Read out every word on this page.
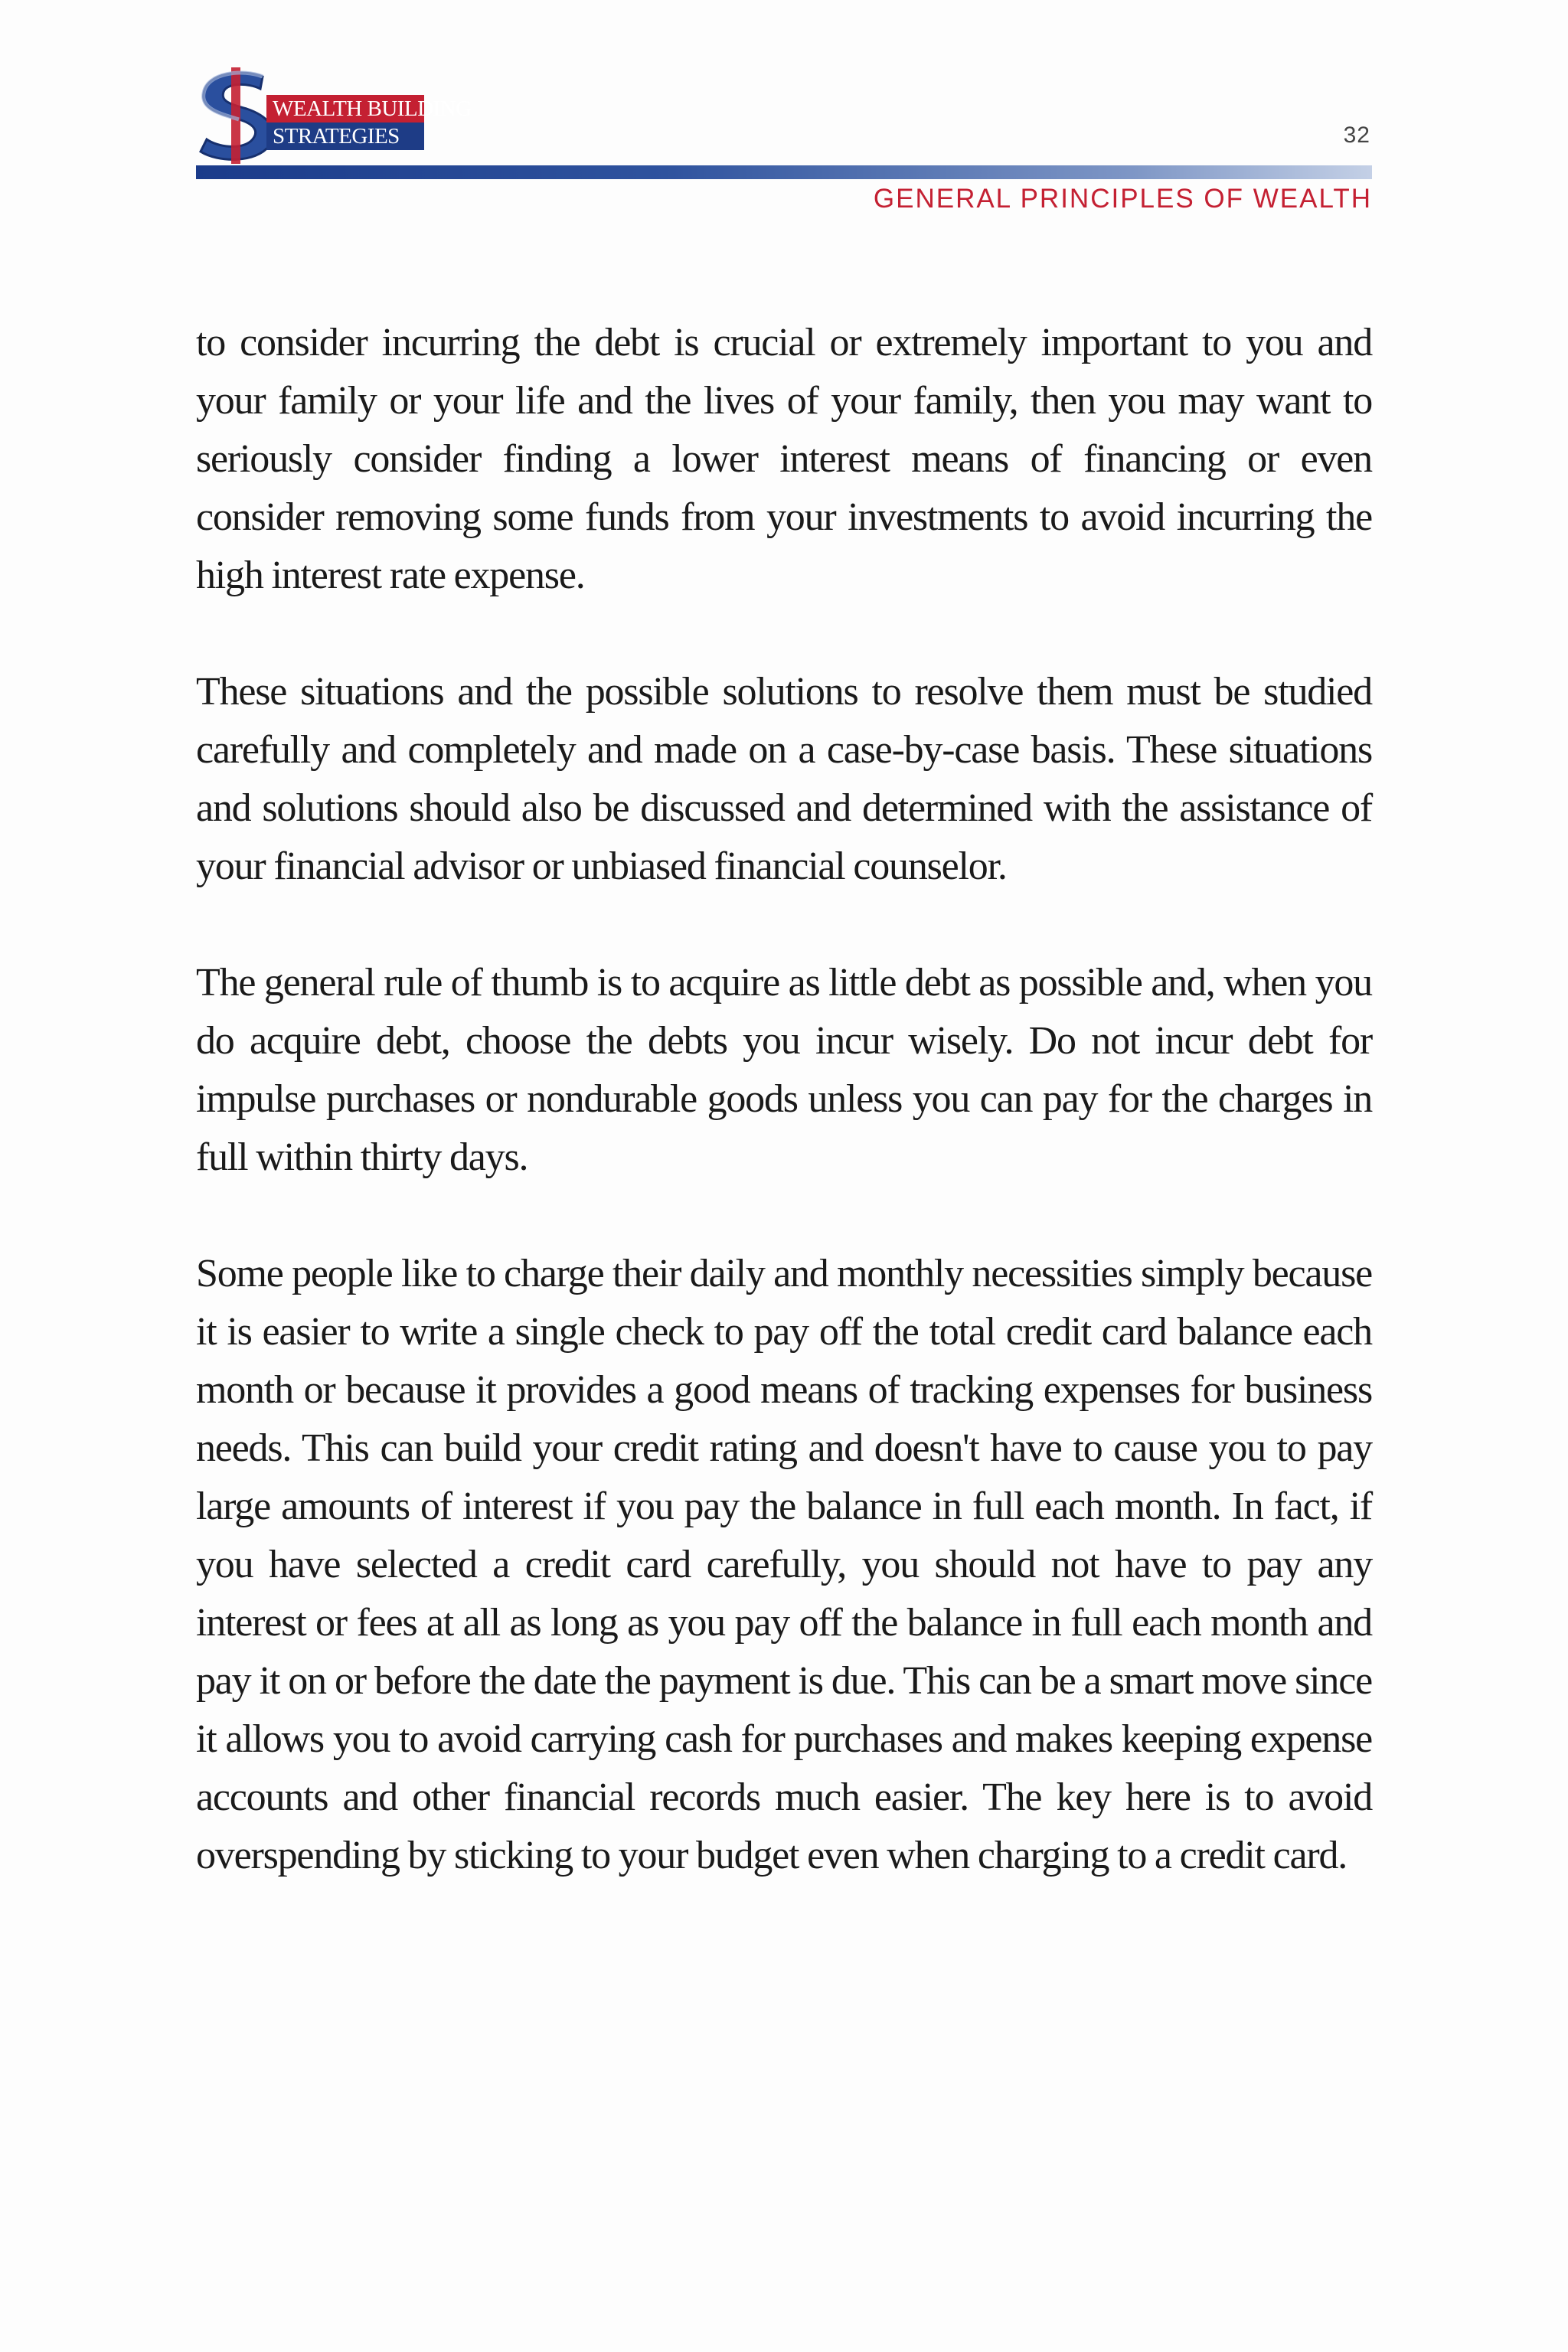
WEALTH BUILDING
STRATEGIES	32
GENERAL PRINCIPLES OF WEALTH

to consider incurring the debt is crucial or extremely important to you and your family or your life and the lives of your family, then you may want to seriously consider finding a lower interest means of financing or even consider removing some funds from your investments to avoid incurring the high interest rate expense.

These situations and the possible solutions to resolve them must be studied carefully and completely and made on a case-by-case basis. These situations and solutions should also be discussed and determined with the assistance of your financial advisor or unbiased financial counselor.

The general rule of thumb is to acquire as little debt as possible and, when you do acquire debt, choose the debts you incur wisely. Do not incur debt for impulse purchases or nondurable goods unless you can pay for the charges in full within thirty days.

Some people like to charge their daily and monthly necessities simply because it is easier to write a single check to pay off the total credit card balance each month or because it provides a good means of tracking expenses for business needs. This can build your credit rating and doesn't have to cause you to pay large amounts of interest if you pay the balance in full each month. In fact, if you have selected a credit card carefully, you should not have to pay any interest or fees at all as long as you pay off the balance in full each month and pay it on or before the date the payment is due. This can be a smart move since it allows you to avoid carrying cash for purchases and makes keeping expense accounts and other financial records much easier. The key here is to avoid overspending by sticking to your budget even when charging to a credit card.
